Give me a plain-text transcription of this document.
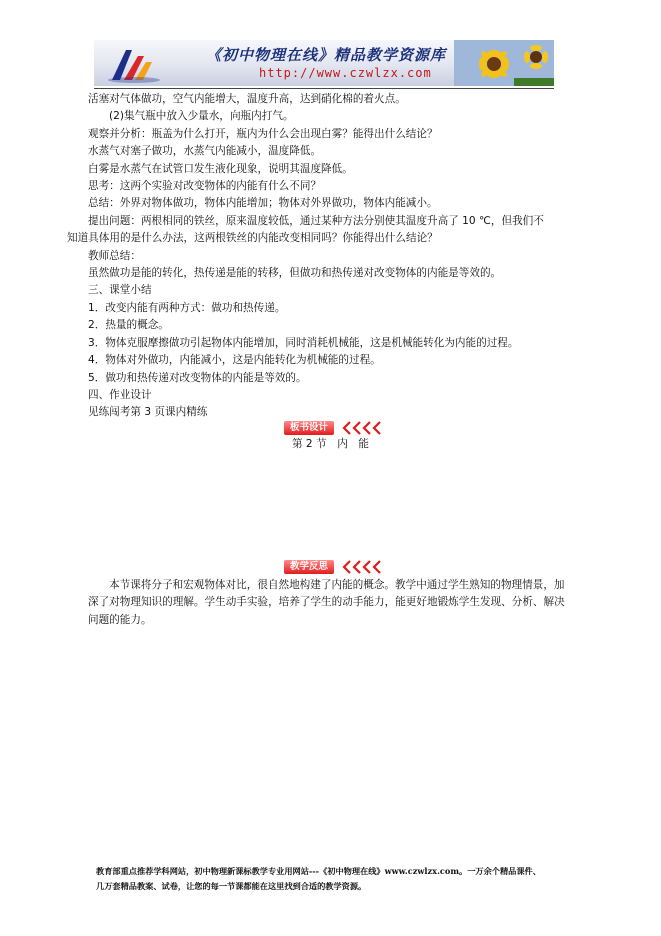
《初中物理在线》精品教学资源库
http://www.czwlzx.com

活塞对气体做功，空气内能增大，温度升高，达到硝化棉的着火点。

(2)集气瓶中放入少量水，向瓶内打气。

观察并分析：瓶盖为什么打开，瓶内为什么会出现白雾？能得出什么结论？

水蒸气对塞子做功，水蒸气内能减小，温度降低。

白雾是水蒸气在试管口发生液化现象，说明其温度降低。

思考：这两个实验对改变物体的内能有什么不同？

总结：外界对物体做功，物体内能增加；物体对外界做功，物体内能减小。

提出问题：两根相同的铁丝，原来温度较低，通过某种方法分别使其温度升高了 10 ℃，但我们不

知道具体用的是什么办法，这两根铁丝的内能改变相同吗？你能得出什么结论？

教师总结：

虽然做功是能的转化，热传递是能的转移，但做功和热传递对改变物体的内能是等效的。

三、课堂小结

1．改变内能有两种方式：做功和热传递。

2．热量的概念。

3．物体克服摩擦做功引起物体内能增加，同时消耗机械能，这是机械能转化为内能的过程。

4．物体对外做功，内能减小，这是内能转化为机械能的过程。

5．做功和热传递对改变物体的内能是等效的。

四、作业设计

见练闯考第 3 页课内精练

板书设计
第 2 节　内　能
教学反思
本节课将分子和宏观物体对比，很自然地构建了内能的概念。教学中通过学生熟知的物理情景，加深了对物理知识的理解。学生动手实验，培养了学生的动手能力，能更好地锻炼学生发现、分析、解决问题的能力。
教育部重点推荐学科网站，初中物理新课标教学专业用网站---《初中物理在线》www.czwlzx.com。一万余个精品课件、
几万套精品教案、试卷，让您的每一节课都能在这里找到合适的教学资源。
